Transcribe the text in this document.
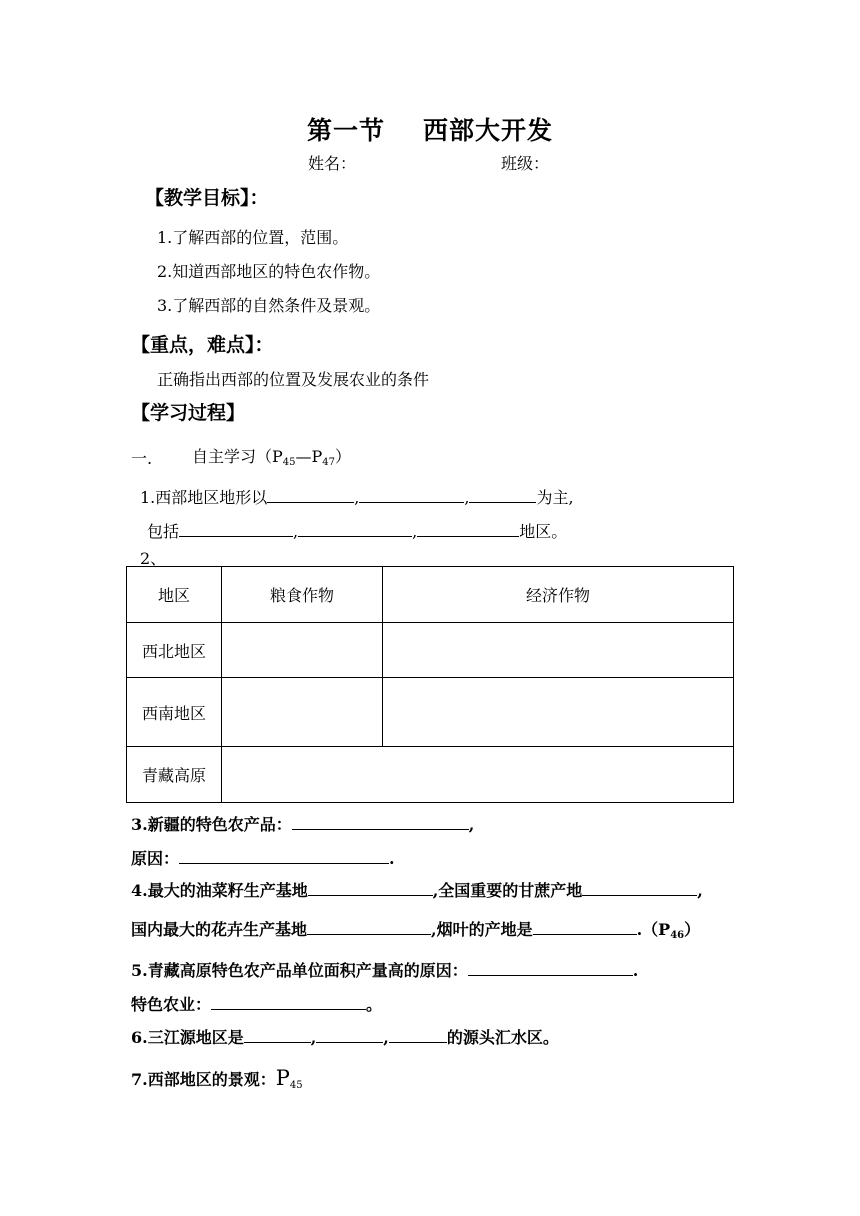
第一节 西部大开发
姓名：	班级：
【教学目标】：
1.了解西部的位置，范围。
2.知道西部地区的特色农作物。
3.了解西部的自然条件及景观。
【重点，难点】：
正确指出西部的位置及发展农业的条件
【学习过程】
一. 自主学习$(P_{45}—P_{47})$
1.西部地区地形以	,	,	为主,
包括	,	,	地区。
2、
地区	粮食作物	经济作物
西北地区		
西南地区		
青藏高原		
3.新疆的特色农产品：	,
原因：	.
4.最大的油菜籽生产基地	,全国重要的甘蔗产地	,
国内最大的花卉生产基地	,烟叶的产地是	$.(P_{46})$
5.青藏高原特色农产品单位面积产量高的原因：	.
特色农业：	。
6.三江源地区是	,	,	的源头汇水区。
7.西部地区的景观：$P_{45}$
